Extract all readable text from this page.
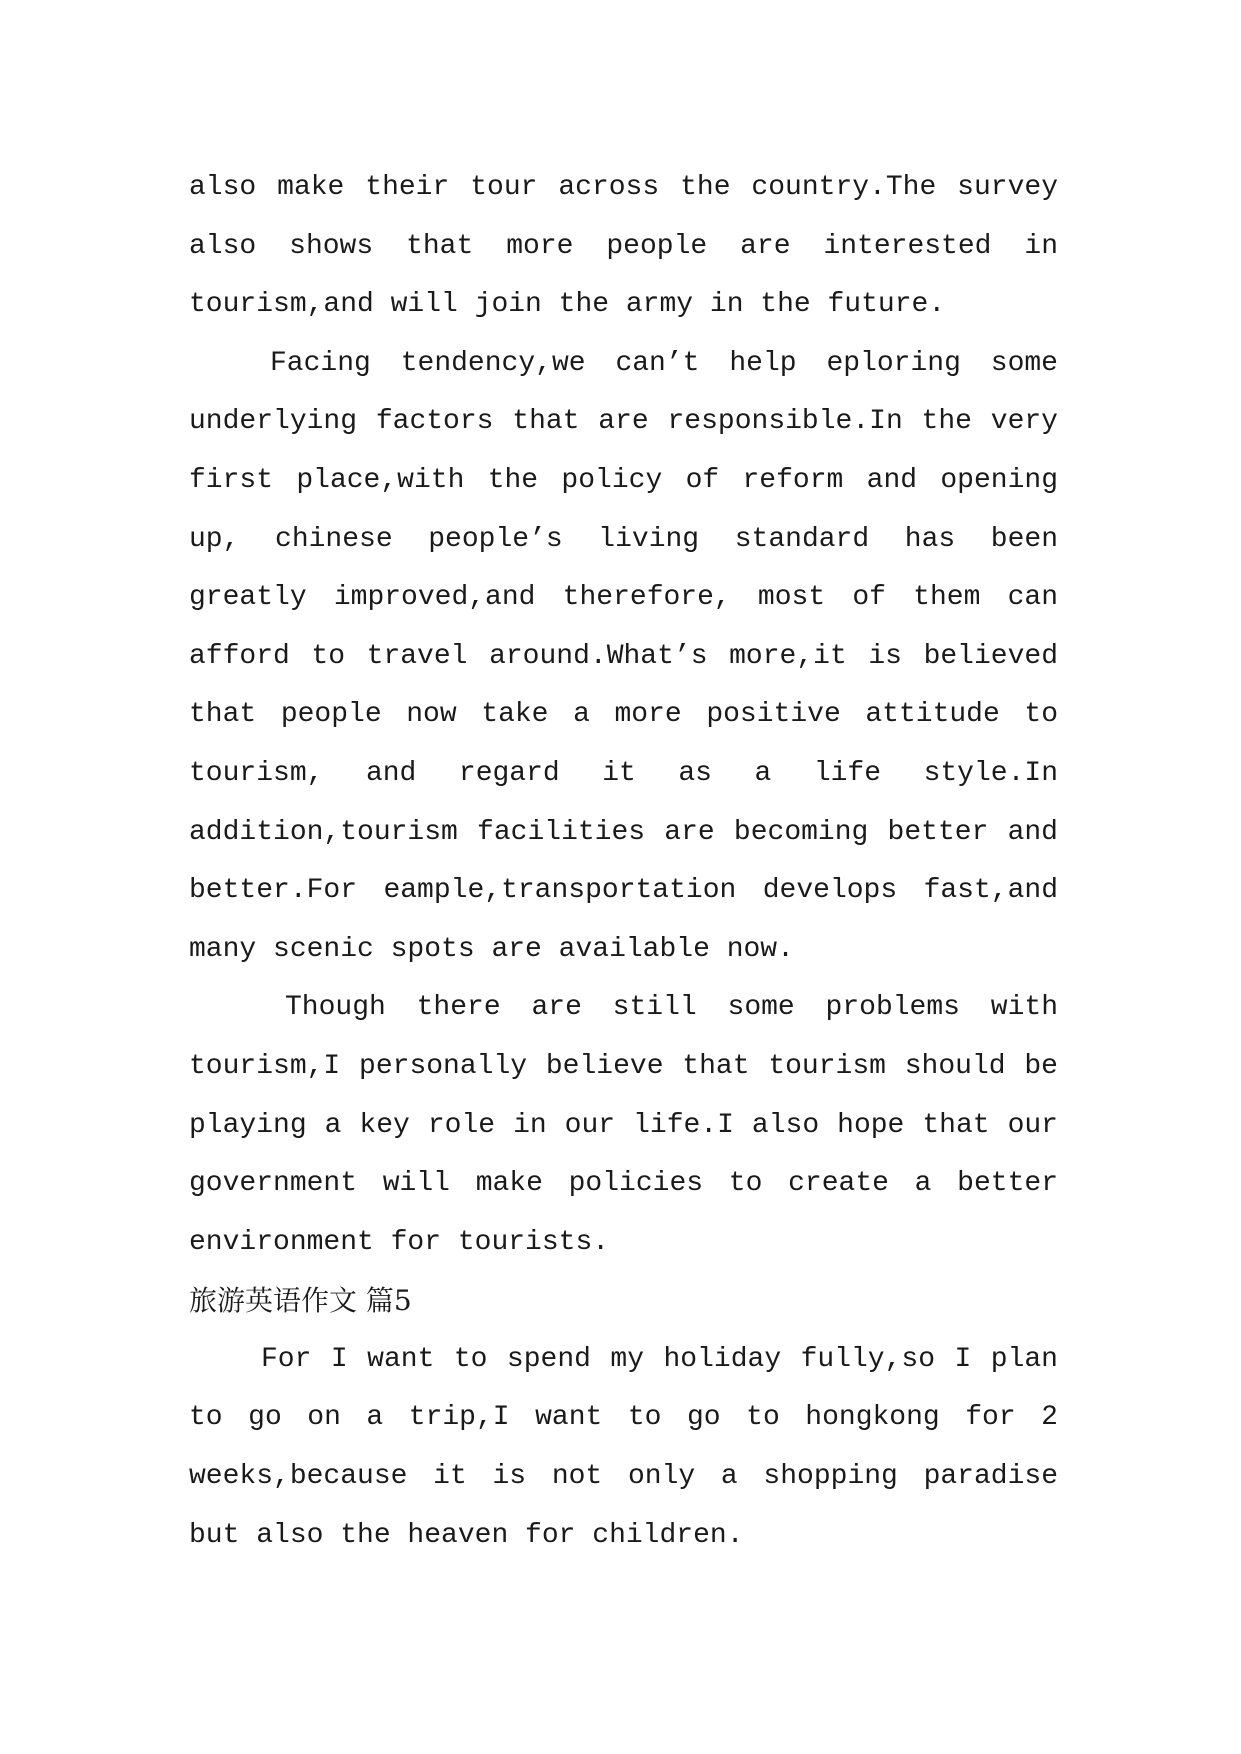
also make their tour across the country.The survey
also shows that more people are interested in
tourism,and will join the army in the future.
Facing tendency,we can’t help eploring some
underlying factors that are responsible.In the very
first place,with the policy of reform and opening
up, chinese people’s living standard has been
greatly improved,and therefore, most of them can
afford to travel around.What’s more,it is believed
that people now take a more positive attitude to
tourism, and regard it as a life style.In
addition,tourism facilities are becoming better and
better.For eample,transportation develops fast,and
many scenic spots are available now.
Though there are still some problems with
tourism,I personally believe that tourism should be
playing a key role in our life.I also hope that our
government will make policies to create a better
environment for tourists.
旅游英语作文 篇5
For I want to spend my holiday fully,so I plan
to go on a trip,I want to go to hongkong for 2
weeks,because it is not only a shopping paradise
but also the heaven for children.
